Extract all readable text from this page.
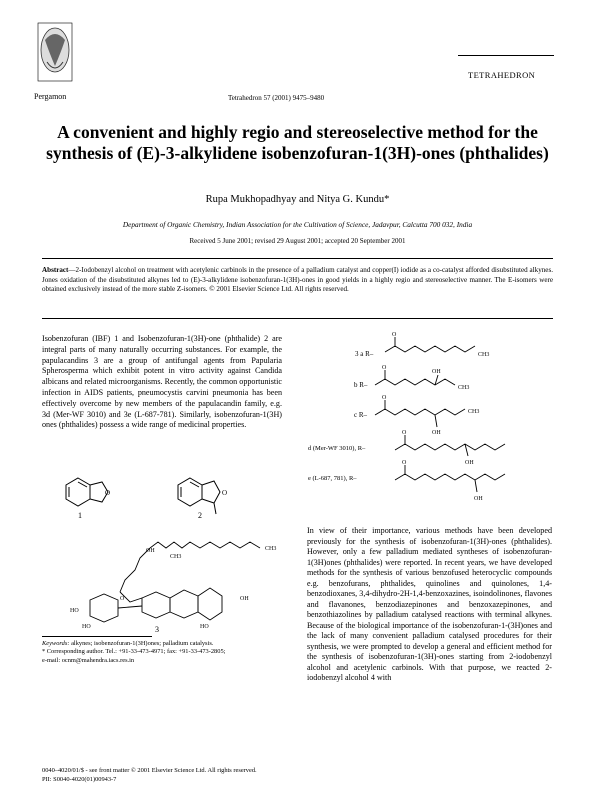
Pergamon	Tetrahedron 57 (2001) 9475–9480
TETRAHEDRON
A convenient and highly regio and stereoselective method for the synthesis of (E)-3-alkylidene isobenzofuran-1(3H)-ones (phthalides)
Rupa Mukhopadhyay and Nitya G. Kundu*
Department of Organic Chemistry, Indian Association for the Cultivation of Science, Jadavpur, Calcutta 700 032, India
Received 5 June 2001; revised 29 August 2001; accepted 20 September 2001
Abstract—2-Iodobenzyl alcohol on treatment with acetylenic carbinols in the presence of a palladium catalyst and copper(I) iodide as a co-catalyst afforded disubstituted alkynes. Jones oxidation of the disubstituted alkynes led to (E)-3-alkylidene isobenzofuran-1(3H)-ones in good yields in a highly regio and stereoselective manner. The E-isomers were obtained exclusively instead of the more stable Z-isomers. © 2001 Elsevier Science Ltd. All rights reserved.
Isobenzofuran (IBF) 1 and Isobenzofuran-1(3H)-one (phthalide) 2 are integral parts of many naturally occurring substances. For example, the papulacandins 3 are a group of antifungal agents from Papularia Spherosperma which exhibit potent in vitro activity against Candida albicans and related microorganisms. Recently, the common opportunistic infection in AIDS patients, pneumocystis carvini pneumonia has been effectively overcome by new members of the papulacandin family, e.g. 3d (Mer-WF 3010) and 3e (L-687-781). Similarly, isobenzofuran-1(3H) ones (phthalides) possess a wide range of medicinal properties.
O	O
1	2
OH
CH3
CH3
HO
HO	HO
OH
O
3
3 a R–
O
CH3
b R–
O
OH
CH3
c R–
O
OH
CH3
d (Mer-WF 3010), R–
O
OH
e (L-687, 781), R–
O
OH
In view of their importance, various methods have been developed previously for the synthesis of isobenzofuran-1(3H)-ones (phthalides). However, only a few palladium mediated syntheses of isobenzofuran-1(3H)ones (phthalides) were reported. In recent years, we have developed methods for the synthesis of various benzofused heterocyclic compounds e.g. benzofurans, phthalides, quinolines and quinolones, 1,4-benzodioxanes, 3,4-dihydro-2H-1,4-benzoxazines, isoindolinones, flavones and flavanones, benzodiazepinones and benzoxazepinones, and benzothiazolines by palladium catalysed reactions with terminal alkynes. Because of the biological importance of the isobenzofuran-1-(3H)ones and the lack of many convenient palladium catalysed procedures for their synthesis, we were prompted to develop a general and efficient method for the synthesis of isobenzofuran-1(3H)-ones starting from 2-iodobenzyl alcohol and acetylenic carbinols. With that purpose, we reacted 2-iodobenzyl alcohol 4 with
Keywords: alkynes; isobenzofuran-1(3H)ones; palladium catalysis.
* Corresponding author. Tel.: +91-33-473-4971; fax: +91-33-473-2805;
e-mail: ocnm@mahendra.iacs.res.in
0040–4020/01/$ - see front matter © 2001 Elsevier Science Ltd. All rights reserved.
PII: S0040-4020(01)00943-7
